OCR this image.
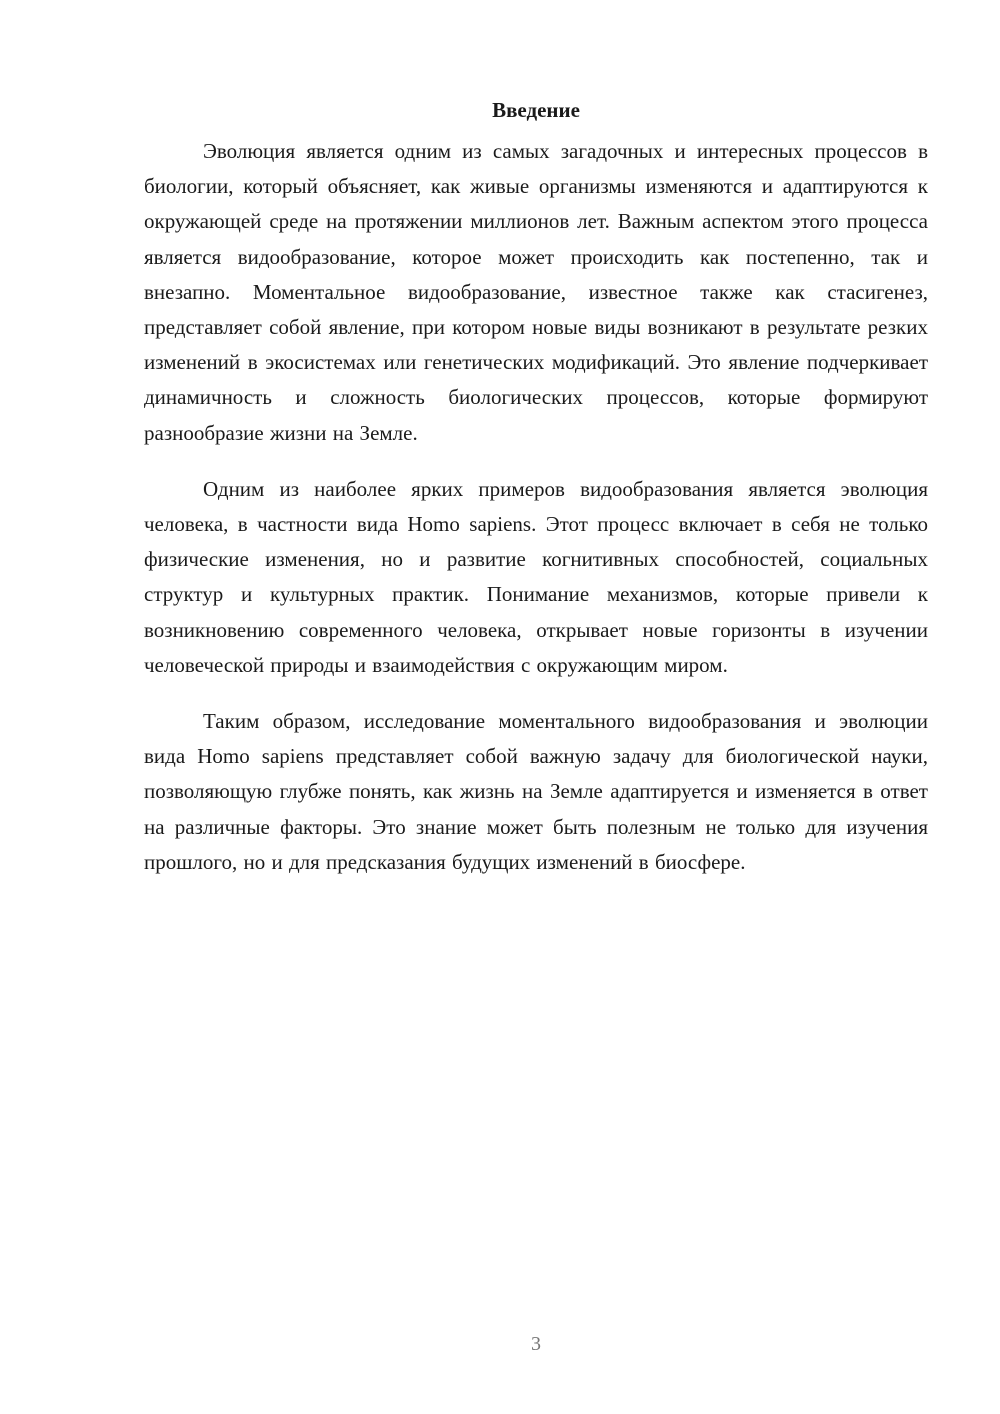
Введение

Эволюция является одним из самых загадочных и интересных процессов в биологии, который объясняет, как живые организмы изменяются и адаптируются к окружающей среде на протяжении миллионов лет. Важным аспектом этого процесса является видообразование, которое может происходить как постепенно, так и внезапно. Моментальное видообразование, известное также как стасигенез, представляет собой явление, при котором новые виды возникают в результате резких изменений в экосистемах или генетических модификаций. Это явление подчеркивает динамичность и сложность биологических процессов, которые формируют разнообразие жизни на Земле.

Одним из наиболее ярких примеров видообразования является эволюция человека, в частности вида Homo sapiens. Этот процесс включает в себя не только физические изменения, но и развитие когнитивных способностей, социальных структур и культурных практик. Понимание механизмов, которые привели к возникновению современного человека, открывает новые горизонты в изучении человеческой природы и взаимодействия с окружающим миром.

Таким образом, исследование моментального видообразования и эволюции вида Homo sapiens представляет собой важную задачу для биологической науки, позволяющую глубже понять, как жизнь на Земле адаптируется и изменяется в ответ на различные факторы. Это знание может быть полезным не только для изучения прошлого, но и для предсказания будущих изменений в биосфере.

3
